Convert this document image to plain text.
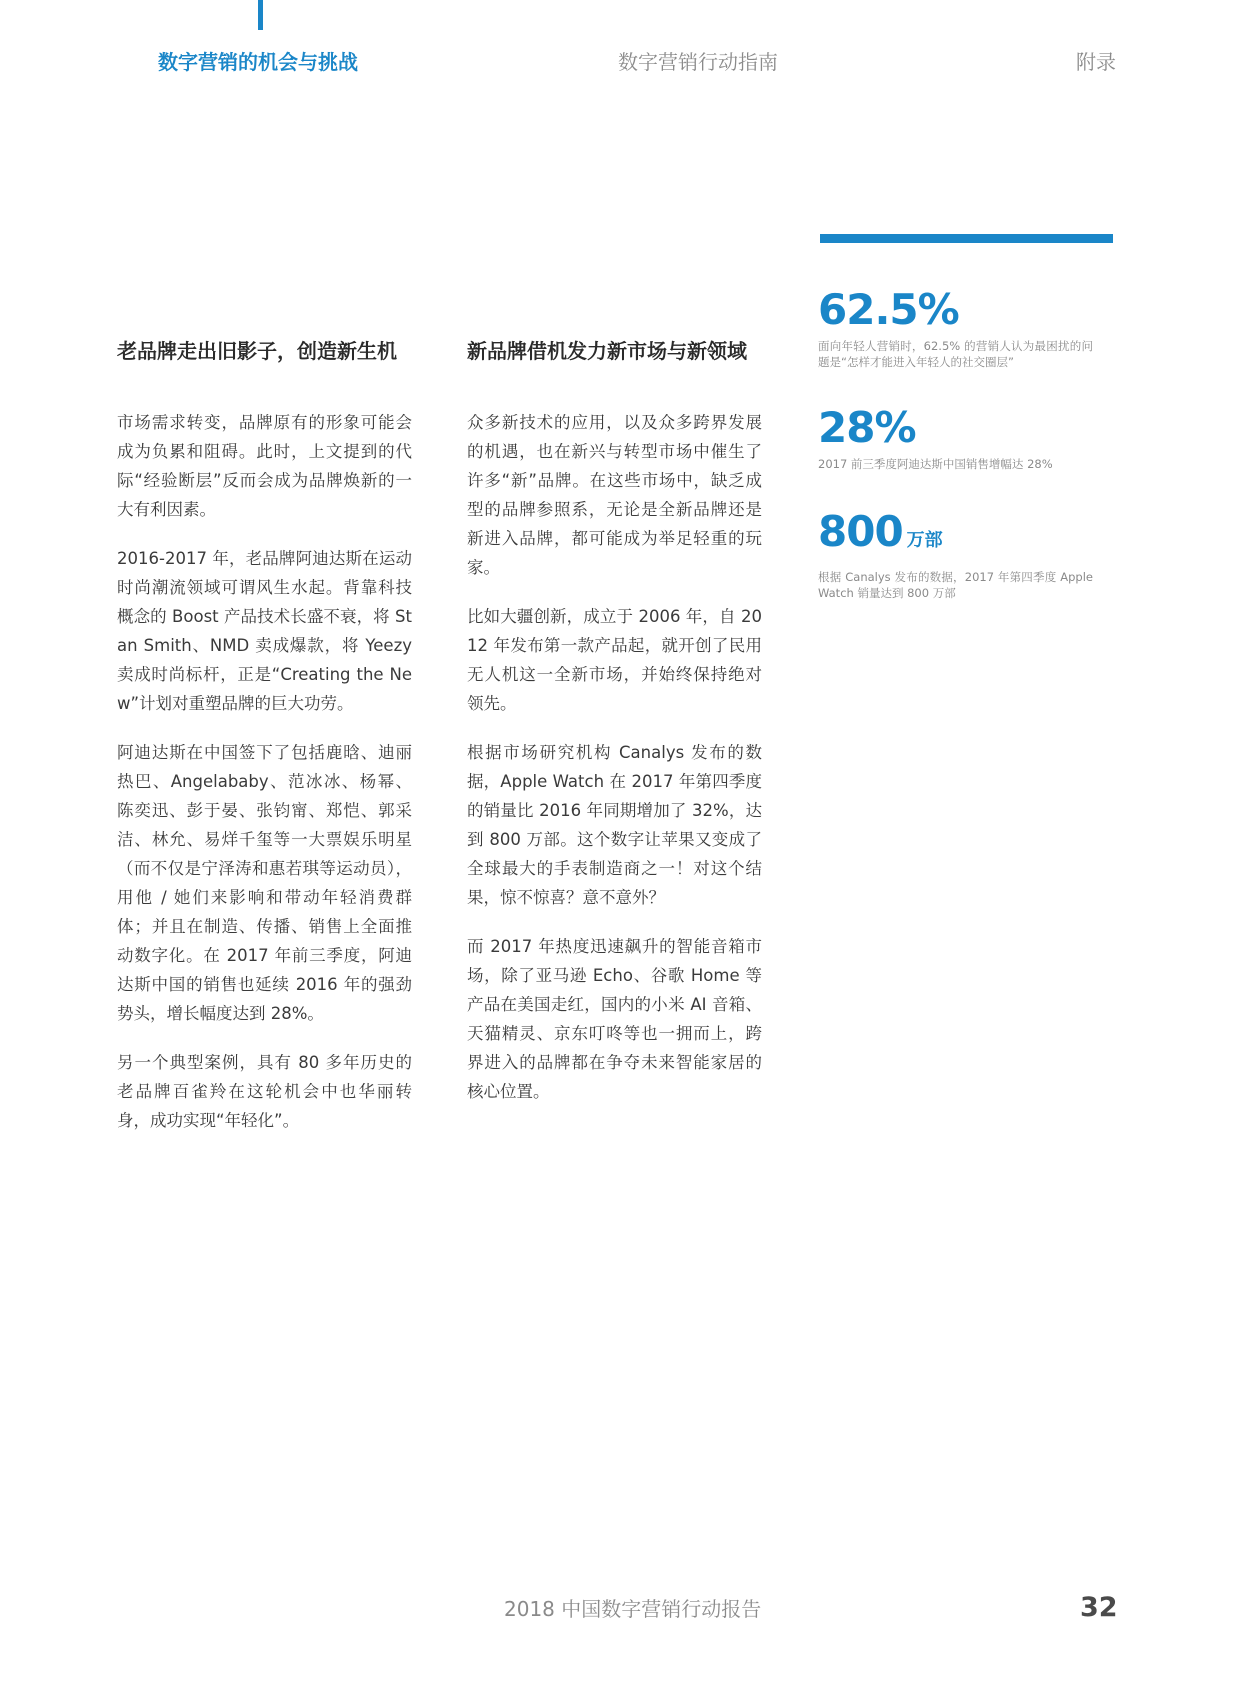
数字营销的机会与挑战	数字营销行动指南	附录
老品牌走出旧影子，创造新生机

市场需求转变，品牌原有的形象可能会成为负累和阻碍。此时，上文提到的代际“经验断层”反而会成为品牌焕新的一大有利因素。

2016-2017 年，老品牌阿迪达斯在运动时尚潮流领域可谓风生水起。背靠科技概念的 Boost 产品技术长盛不衰，将 Stan Smith、NMD 卖成爆款，将 Yeezy 卖成时尚标杆，正是“Creating the New”计划对重塑品牌的巨大功劳。

阿迪达斯在中国签下了包括鹿晗、迪丽热巴、Angelababy、范冰冰、杨幂、陈奕迅、彭于晏、张钧甯、郑恺、郭采洁、林允、易烊千玺等一大票娱乐明星（而不仅是宁泽涛和惠若琪等运动员），用他 / 她们来影响和带动年轻消费群体；并且在制造、传播、销售上全面推动数字化。在 2017 年前三季度，阿迪达斯中国的销售也延续 2016 年的强劲势头，增长幅度达到 28%。

另一个典型案例，具有 80 多年历史的老品牌百雀羚在这轮机会中也华丽转身，成功实现“年轻化”。

新品牌借机发力新市场与新领域

众多新技术的应用，以及众多跨界发展的机遇，也在新兴与转型市场中催生了许多“新”品牌。在这些市场中，缺乏成型的品牌参照系，无论是全新品牌还是新进入品牌，都可能成为举足轻重的玩家。

比如大疆创新，成立于 2006 年，自 2012 年发布第一款产品起，就开创了民用无人机这一全新市场，并始终保持绝对领先。

根据市场研究机构 Canalys 发布的数据，Apple Watch 在 2017 年第四季度的销量比 2016 年同期增加了 32%，达到 800 万部。这个数字让苹果又变成了全球最大的手表制造商之一！对这个结果，惊不惊喜？意不意外？

而 2017 年热度迅速飙升的智能音箱市场，除了亚马逊 Echo、谷歌 Home 等产品在美国走红，国内的小米 AI 音箱、天猫精灵、京东叮咚等也一拥而上，跨界进入的品牌都在争夺未来智能家居的核心位置。

62.5%
面向年轻人营销时，62.5% 的营销人认为最困扰的问题是“怎样才能进入年轻人的社交圈层”
28%
2017 前三季度阿迪达斯中国销售增幅达 28%
800 万部
根据 Canalys 发布的数据，2017 年第四季度 Apple Watch 销量达到 800 万部
2018 中国数字营销行动报告	32
